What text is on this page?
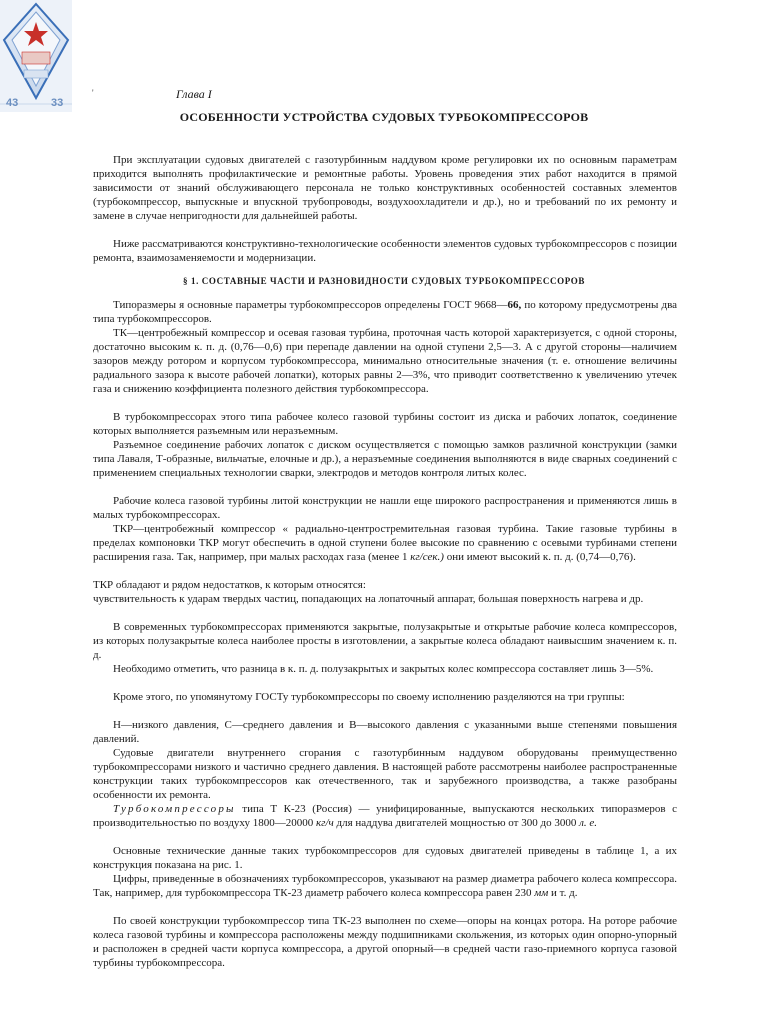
43	33
'	Глава I
ОСОБЕННОСТИ УСТРОЙСТВА СУДОВЫХ ТУРБОКОМПРЕССОРОВ

При эксплуатации судовых двигателей с газотурбинным наддувом кроме регулировки их по основным параметрам приходится выполнять профилактические и ремонтные работы. Уровень проведения этих работ находится в прямой зависимости от знаний обслуживающего персонала не только конструктивных особенностей составных элементов (турбокомпрессор, выпускные и впускной трубопроводы, воздухоохладители и др.), но и требований по их ремонту и замене в случае непригодности для дальнейшей работы.

Ниже рассматриваются конструктивно-технологические особенности элементов судовых турбокомпрессоров с позиции ремонта, взаимозаменяемости и модернизации.

§ 1. СОСТАВНЫЕ ЧАСТИ И РАЗНОВИДНОСТИ СУДОВЫХ ТУРБОКОМПРЕССОРОВ

Типоразмеры я основные параметры турбокомпрессоров определены ГОСТ 9668—66, по которому предусмотрены два типа турбокомпрессоров.

ТК—центробежный компрессор и осевая газовая турбина, проточная часть которой характеризуется, с одной стороны, достаточно высоким к. п. д. (0,76—0,6) при перепаде давлении на одной ступени 2,5—3. А с другой стороны—наличием зазоров между ротором и корпусом турбокомпрессора, минимально относительные значения (т. е. отношение величины радиального зазора к высоте рабочей лопатки), которых равны 2—3%, что приводит соответственно к увеличению утечек газа и снижению коэффициента полезного действия турбокомпрессора.

В турбокомпрессорах этого типа рабочее колесо газовой турбины состоит из диска и рабочих лопаток, соединение которых выполняется разъемным или неразъемным.

Разъемное соединение рабочих лопаток с диском осуществляется с помощью замков различной конструкции (замки типа Лаваля, Т-образные, вильчатые, елочные и др.), а неразъемные соединения выполняются в виде сварных соединений с применением специальных технологии сварки, электродов и методов контроля литых колес.

Рабочие колеса газовой турбины литой конструкции не нашли еще широкого распространения и применяются лишь в малых турбокомпрессорах.

ТКР—центробежный компрессор « радиально-центростремительная газовая турбина. Такие газовые турбины в пределах компоновки ТКР могут обеспечить в одной ступени более высокие по сравнению с осевыми турбинами степени расширения газа. Так, например, при малых расходах газа (менее 1 кг/сек.) они имеют высокий к. п. д. (0,74—0,76).

ТКР обладают и рядом недостатков, к которым относятся:

чувствительность к ударам твердых частиц, попадающих на лопаточный аппарат, большая поверхность нагрева и др.

В современных турбокомпрессорах применяются закрытые, полузакрытые и открытые рабочие колеса компрессоров, из которых полузакрытые колеса наиболее просты в изготовлении, а закрытые колеса обладают наивысшим значением к. п. д.

Необходимо отметить, что разница в к. п. д. полузакрытых и закрытых колес компрессора составляет лишь 3—5%.

Кроме этого, по упомянутому ГОСТу турбокомпрессоры по своему исполнению разделяются на три группы:

Н—низкого давления, С—среднего давления и В—высокого давления с указанными выше степенями повышения давлений.

Судовые двигатели внутреннего сгорания с газотурбинным наддувом оборудованы преимущественно турбокомпрессорами низкого и частично среднего давления. В настоящей работе рассмотрены наиболее распространенные конструкции таких турбокомпрессоров как отечественного, так и зарубежного производства, а также разобраны особенности их ремонта.

Турбокомпрессоры типа Т К-23 (Россия) — унифицированные, выпускаются нескольких типоразмеров с производительностью по воздуху 1800—20000 кг/ч для наддува двигателей мощностью от 300 до 3000 л. е.

Основные технические данные таких турбокомпрессоров для судовых двигателей приведены в таблице 1, а их конструкция показана на рис. 1.

Цифры, приведенные в обозначениях турбокомпрессоров, указывают на размер диаметра рабочего колеса компрессора. Так, например, для турбокомпрессора ТК-23 диаметр рабочего колеса компрессора равен 230 мм и т. д.

По своей конструкции турбокомпрессор типа ТК-23 выполнен по схеме—опоры на концах ротора. На роторе рабочие колеса газовой турбины и компрессора расположены между подшипниками скольжения, из которых один опорно-упорный и расположен в средней части корпуса компрессора, а другой опорный—в средней части газо-приемного корпуса газовой турбины турбокомпрессора.
